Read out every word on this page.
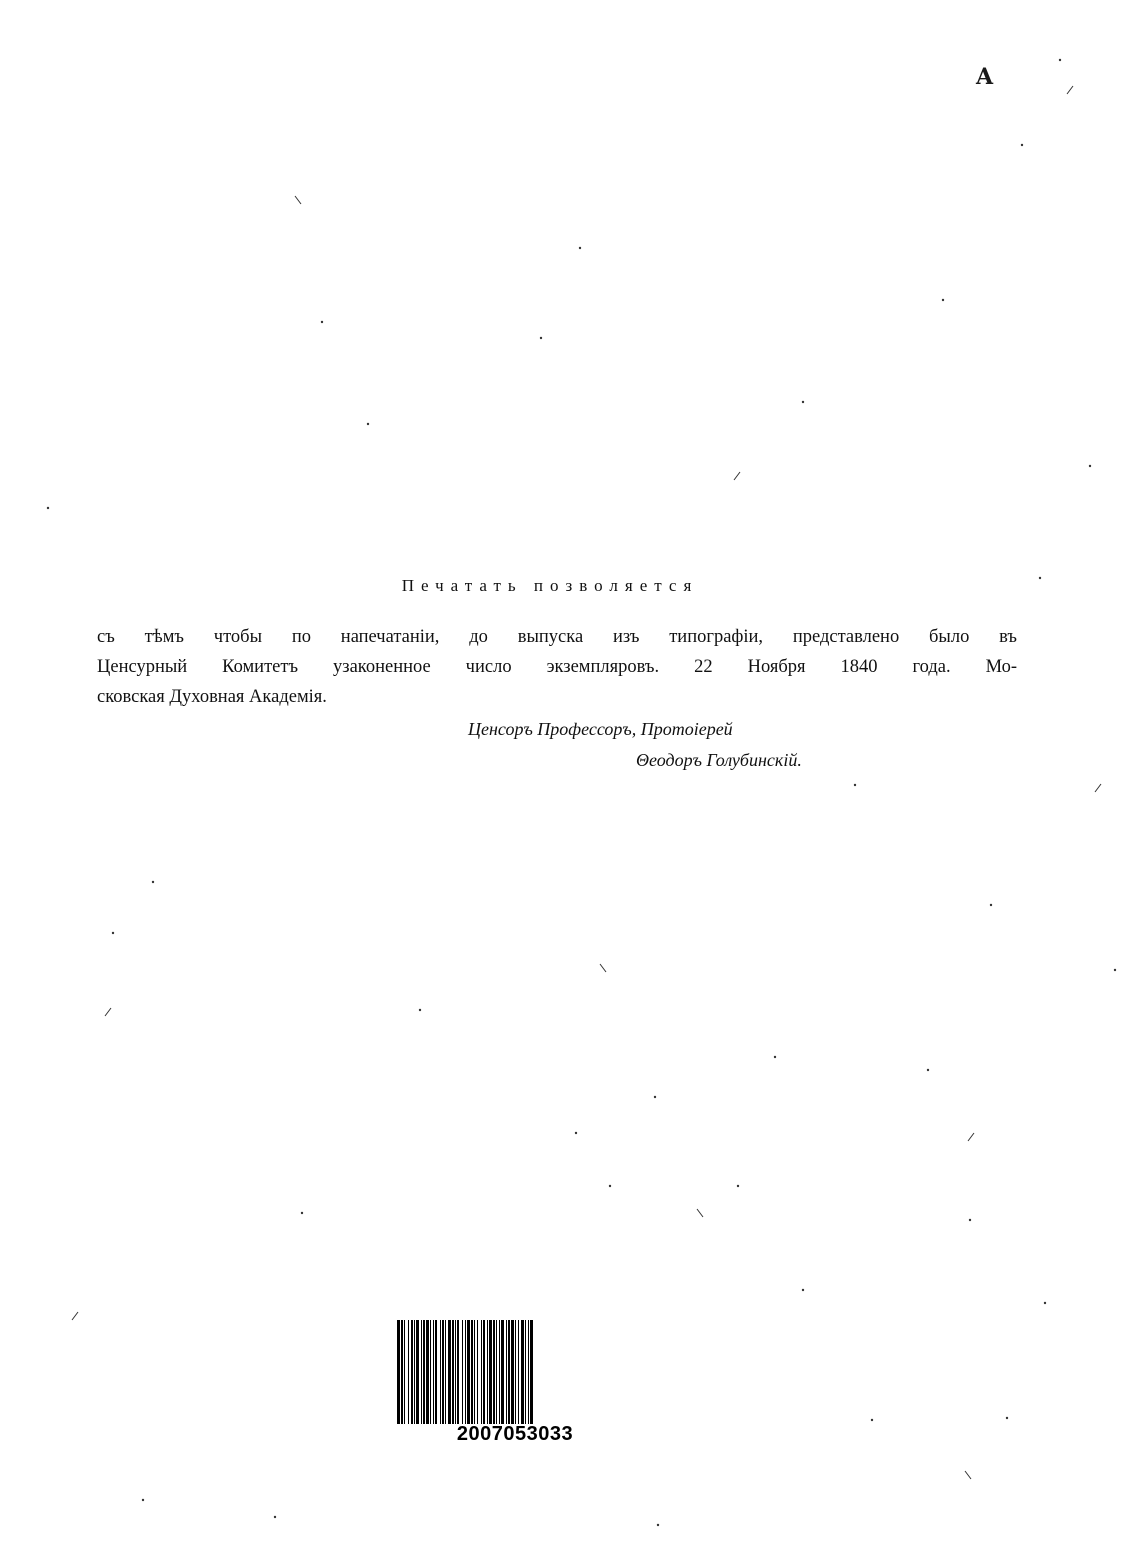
A
Печатать позволяется
съ тѣмъ чтобы по напечатаніи, до выпуска изъ типографіи, представлено было въ
Ценсурный Комитетъ узаконенное число экземпляровъ. 22 Ноября 1840 года. Мо-
сковская Духовная Академія.
Ценсоръ Профессоръ, Протоіерей
Θеодоръ Голубинскій.
2007053033
